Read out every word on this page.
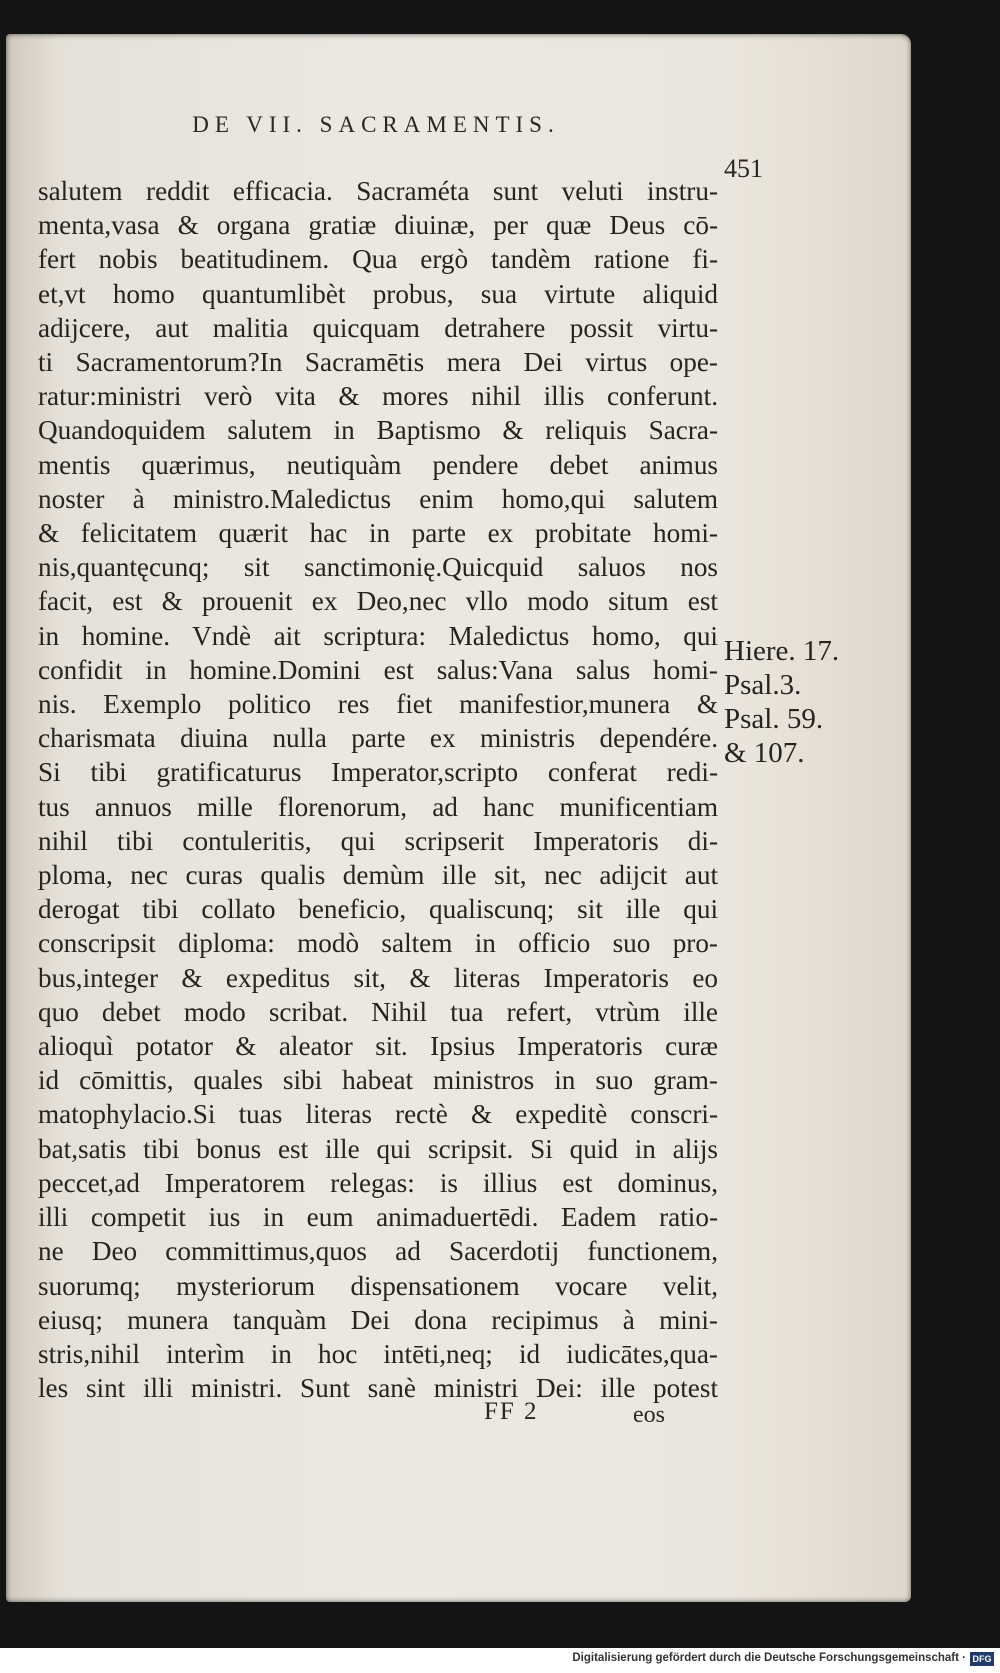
DE VII. SACRAMENTIS.
451
salutem reddit efficacia. Sacraméta sunt veluti instru-
menta,vasa & organa gratiæ diuinæ, per quæ Deus cō-
fert nobis beatitudinem. Qua ergò tandèm ratione fi-
et,vt homo quantumlibèt probus, sua virtute aliquid
adijcere, aut malitia quicquam detrahere possit virtu-
ti Sacramentorum?In Sacramētis mera Dei virtus ope-
ratur:ministri verò vita & mores nihil illis conferunt.
Quandoquidem salutem in Baptismo & reliquis Sacra-
mentis quærimus, neutiquàm pendere debet animus
noster à ministro.Maledictus enim homo,qui salutem
& felicitatem quærit hac in parte ex probitate homi-
nis,quantęcunq; sit sanctimonię.Quicquid saluos nos
facit, est & prouenit ex Deo,nec vllo modo situm est
in homine. Vndè ait scriptura: Maledictus homo, qui
confidit in homine.Domini est salus:Vana salus homi-
nis. Exemplo politico res fiet manifestior,munera &
charismata diuina nulla parte ex ministris dependére.
Si tibi gratificaturus Imperator,scripto conferat redi-
tus annuos mille florenorum, ad hanc munificentiam
nihil tibi contuleritis, qui scripserit Imperatoris di-
ploma, nec curas qualis demùm ille sit, nec adijcit aut
derogat tibi collato beneficio, qualiscunq; sit ille qui
conscripsit diploma: modò saltem in officio suo pro-
bus,integer & expeditus sit, & literas Imperatoris eo
quo debet modo scribat. Nihil tua refert, vtrùm ille
alioquì potator & aleator sit. Ipsius Imperatoris curæ
id cōmittis, quales sibi habeat ministros in suo gram-
matophylacio.Si tuas literas rectè & expeditè conscri-
bat,satis tibi bonus est ille qui scripsit. Si quid in alijs
peccet,ad Imperatorem relegas: is illius est dominus,
illi competit ius in eum animaduertēdi. Eadem ratio-
ne Deo committimus,quos ad Sacerdotij functionem,
suorumq; mysteriorum dispensationem vocare velit,
eiusq; munera tanquàm Dei dona recipimus à mini-
stris,nihil interìm in hoc intēti,neq; id iudicātes,qua-
les sint illi ministri. Sunt sanè ministri Dei: ille potest
Hiere. 17.
Psal.3.
Psal. 59.
& 107.
FF 2	eos
Digitalisierung gefördert durch die Deutsche Forschungsgemeinschaft · DFG
